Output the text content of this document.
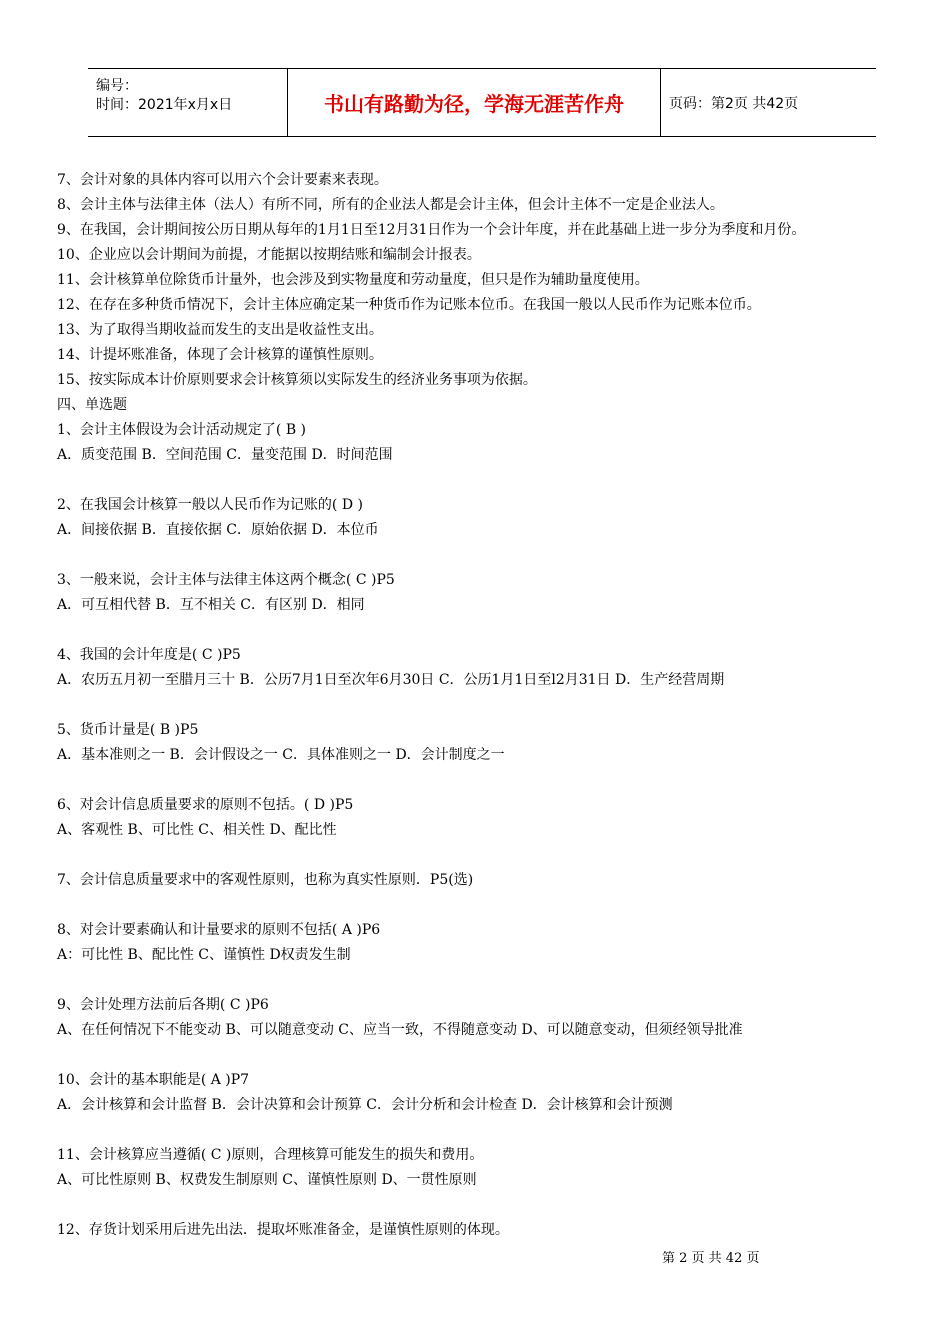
编号：
时间：2021年x月x日	书山有路勤为径，学海无涯苦作舟	页码：第2页 共42页
7、会计对象的具体内容可以用六个会计要素来表现。
8、会计主体与法律主体（法人）有所不同，所有的企业法人都是会计主体，但会计主体不一定是企业法人。
9、在我国，会计期间按公历日期从每年的1月1日至12月31日作为一个会计年度，并在此基础上进一步分为季度和月份。
10、企业应以会计期间为前提，才能据以按期结账和编制会计报表。
11、会计核算单位除货币计量外，也会涉及到实物量度和劳动量度，但只是作为辅助量度使用。
12、在存在多种货币情况下，会计主体应确定某一种货币作为记账本位币。在我国一般以人民币作为记账本位币。
13、为了取得当期收益而发生的支出是收益性支出。
14、计提坏账准备，体现了会计核算的谨慎性原则。
15、按实际成本计价原则要求会计核算须以实际发生的经济业务事项为依据。
四、单选题
1、会计主体假设为会计活动规定了( B )
A．质变范围 B．空间范围 C．量变范围 D．时间范围
2、在我国会计核算一般以人民币作为记账的( D )
A．间接依据 B．直接依据 C．原始依据 D．本位币
3、一般来说，会计主体与法律主体这两个概念( C )P5
A．可互相代替 B．互不相关 C．有区别 D．相同
4、我国的会计年度是( C )P5
A．农历五月初一至腊月三十 B．公历7月1日至次年6月30日 C．公历1月1日至l2月31日 D．生产经营周期
5、货币计量是( B )P5
A．基本准则之一 B．会计假设之一 C．具体准则之一 D．会计制度之一
6、对会计信息质量要求的原则不包括。( D )P5
A、客观性 B、可比性 C、相关性 D、配比性
7、会计信息质量要求中的客观性原则，也称为真实性原则．P5(选)
8、对会计要素确认和计量要求的原则不包括( A )P6
A：可比性 B、配比性 C、谨慎性 D权责发生制
9、会计处理方法前后各期( C )P6
A、在任何情况下不能变动 B、可以随意变动 C、应当一致，不得随意变动 D、可以随意变动，但须经领导批准
10、会计的基本职能是( A )P7
A．会计核算和会计监督 B．会计决算和会计预算 C．会计分析和会计检查 D．会计核算和会计预测
11、会计核算应当遵循( C )原则，合理核算可能发生的损失和费用。
A、可比性原则 B、权费发生制原则 C、谨慎性原则 D、一贯性原则
12、存货计划采用后进先出法．提取坏账准备金，是谨慎性原则的体现。
第 2 页 共 42 页
